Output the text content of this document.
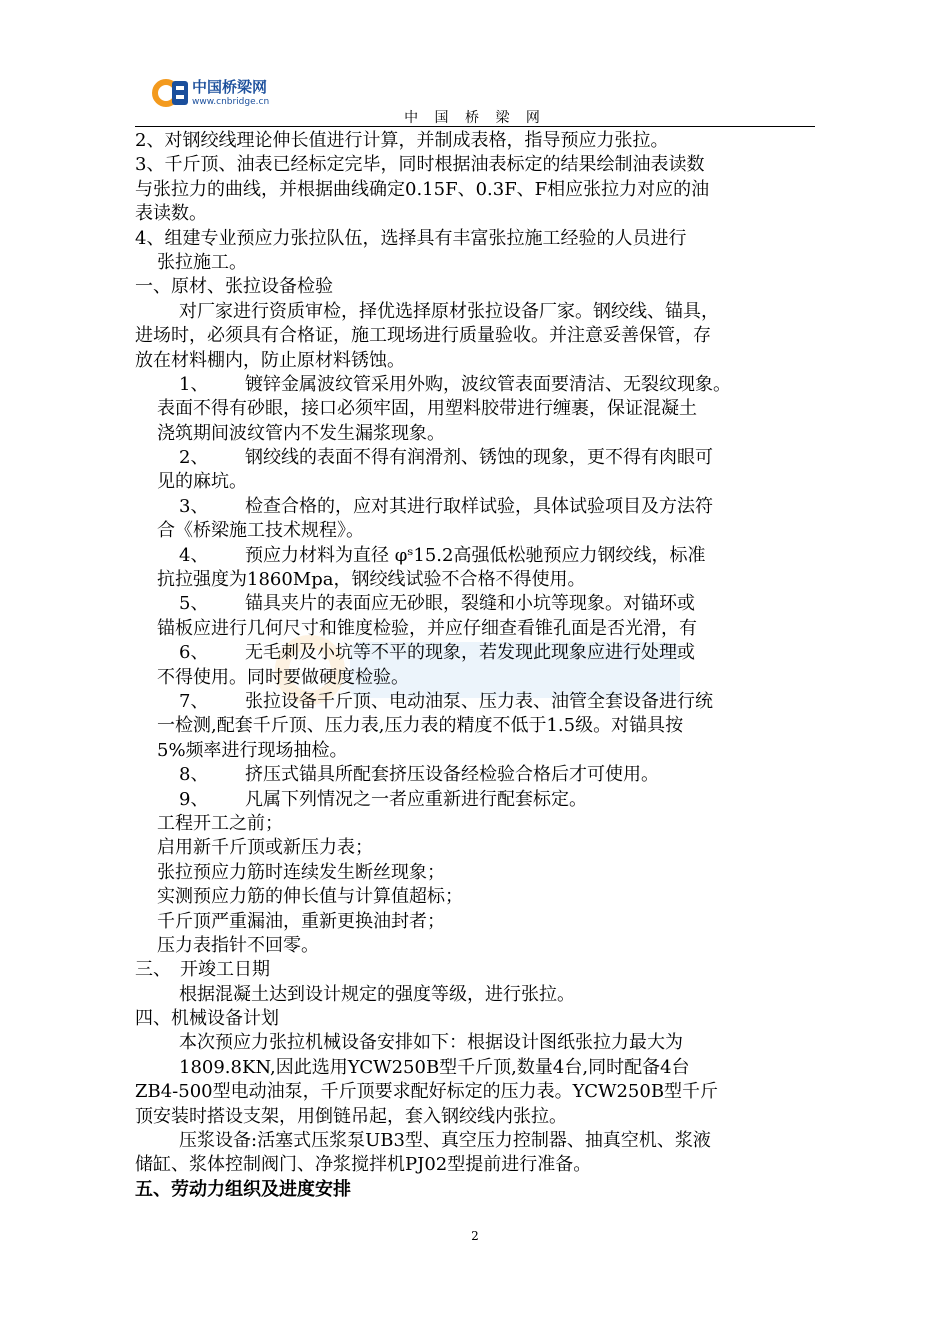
中国桥梁网
www.cnbridge.cn
中 国 桥 梁 网
2、对钢绞线理论伸长值进行计算，并制成表格，指导预应力张拉。
3、千斤顶、油表已经标定完毕，同时根据油表标定的结果绘制油表读数
与张拉力的曲线，并根据曲线确定0.15F、0.3F、F相应张拉力对应的油
表读数。
4、组建专业预应力张拉队伍，选择具有丰富张拉施工经验的人员进行
张拉施工。
一、原材、张拉设备检验
对厂家进行资质审检，择优选择原材张拉设备厂家。钢绞线、锚具，
进场时，必须具有合格证，施工现场进行质量验收。并注意妥善保管，存
放在材料棚内，防止原材料锈蚀。
1、 镀锌金属波纹管采用外购，波纹管表面要清洁、无裂纹现象。
表面不得有砂眼，接口必须牢固，用塑料胶带进行缠裹，保证混凝土
浇筑期间波纹管内不发生漏浆现象。
2、 钢绞线的表面不得有润滑剂、锈蚀的现象，更不得有肉眼可
见的麻坑。
3、 检查合格的，应对其进行取样试验，具体试验项目及方法符
合《桥梁施工技术规程》。
4、 预应力材料为直径 φˢ15.2高强低松驰预应力钢绞线，标准
抗拉强度为1860Mpa，钢绞线试验不合格不得使用。
5、 锚具夹片的表面应无砂眼，裂缝和小坑等现象。对锚环或
锚板应进行几何尺寸和锥度检验，并应仔细查看锥孔面是否光滑，有
6、 无毛刺及小坑等不平的现象，若发现此现象应进行处理或
不得使用。同时要做硬度检验。
7、 张拉设备千斤顶、电动油泵、压力表、油管全套设备进行统
一检测,配套千斤顶、压力表,压力表的精度不低于1.5级。对锚具按
5%频率进行现场抽检。
8、 挤压式锚具所配套挤压设备经检验合格后才可使用。
9、 凡属下列情况之一者应重新进行配套标定。
工程开工之前；
启用新千斤顶或新压力表；
张拉预应力筋时连续发生断丝现象；
实测预应力筋的伸长值与计算值超标；
千斤顶严重漏油，重新更换油封者；
压力表指针不回零。
三、　开竣工日期
根据混凝土达到设计规定的强度等级，进行张拉。
四、机械设备计划
本次预应力张拉机械设备安排如下：根据设计图纸张拉力最大为
1809.8KN,因此选用YCW250B型千斤顶,数量4台,同时配备4台
ZB4-500型电动油泵，千斤顶要求配好标定的压力表。YCW250B型千斤
顶安装时搭设支架，用倒链吊起，套入钢绞线内张拉。
压浆设备:活塞式压浆泵UB3型、真空压力控制器、抽真空机、浆液
储缸、浆体控制阀门、净浆搅拌机PJ02型提前进行准备。
五、劳动力组织及进度安排
2
